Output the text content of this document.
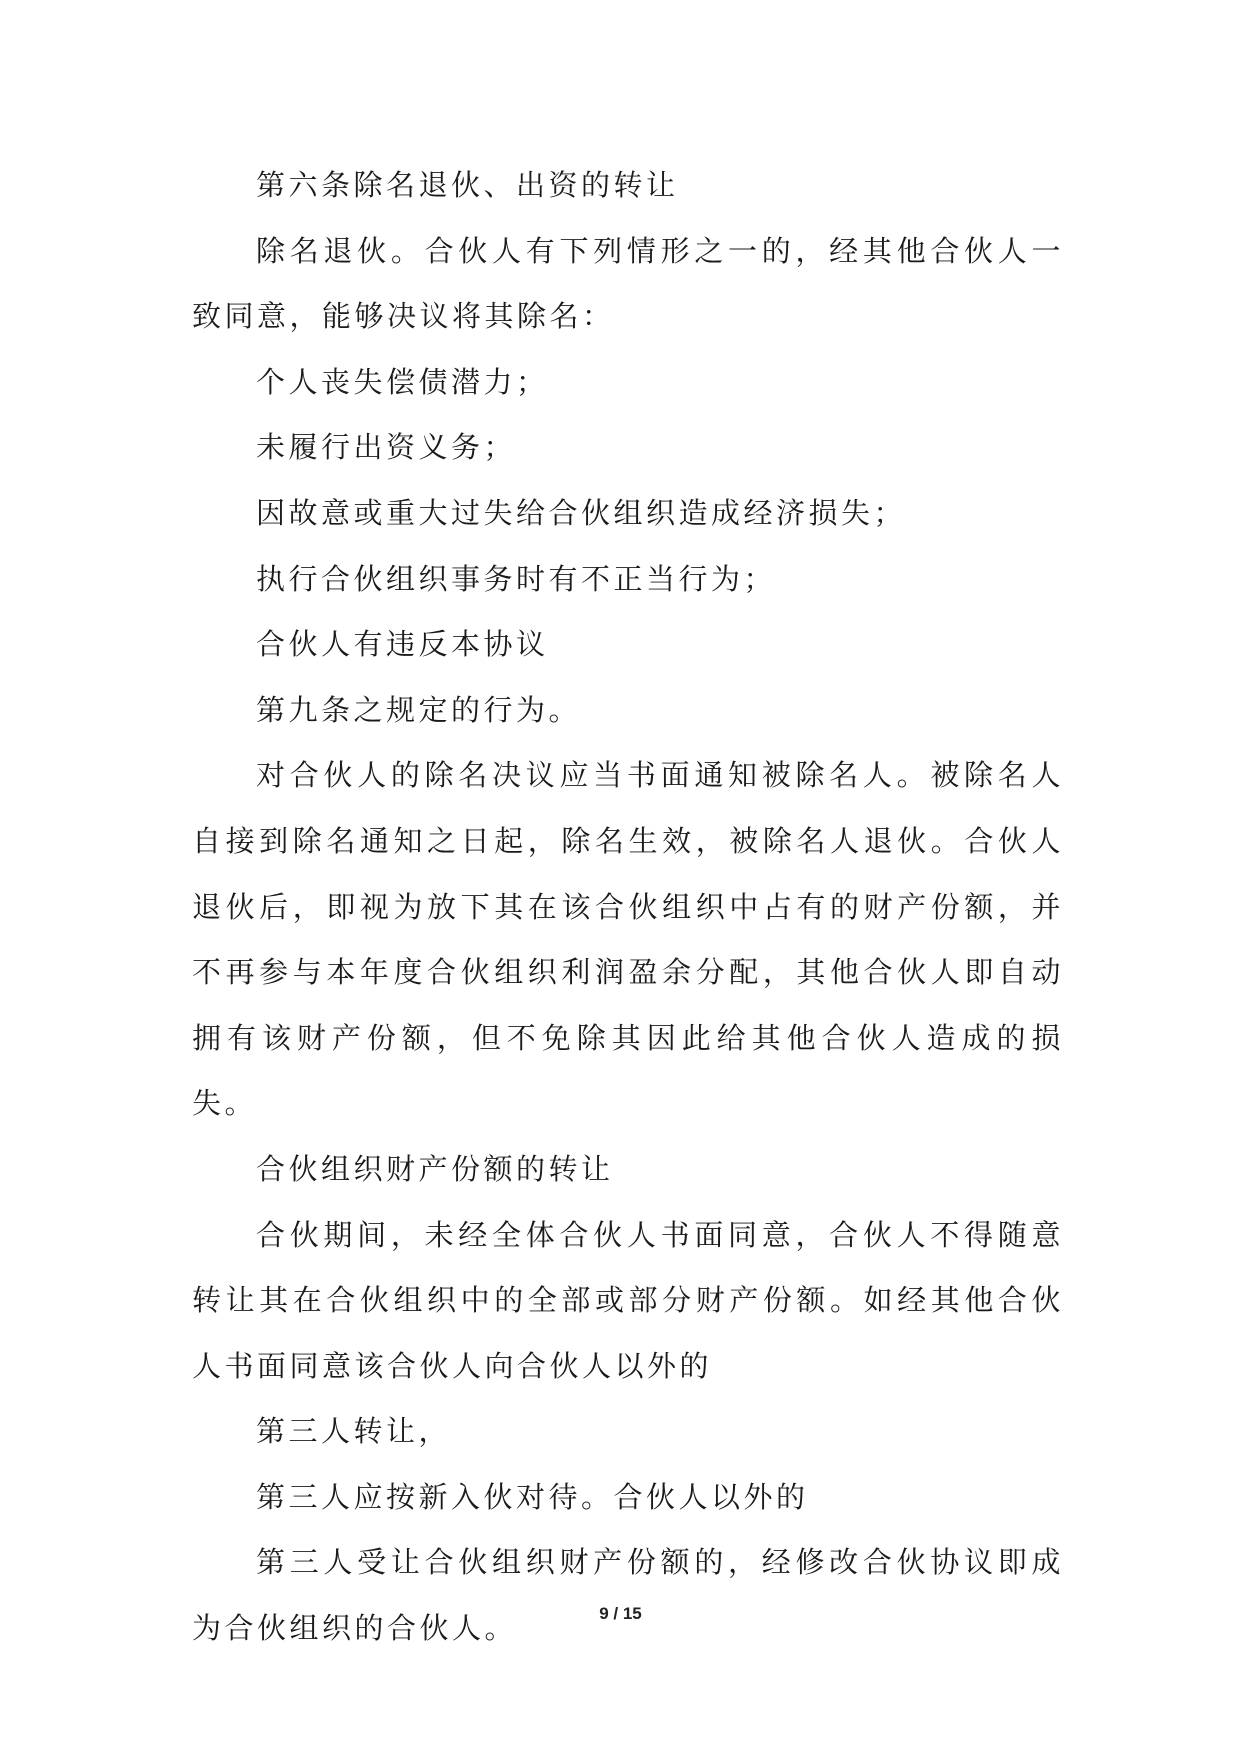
第六条除名退伙、出资的转让

除名退伙。合伙人有下列情形之一的，经其他合伙人一致同意，能够决议将其除名：

个人丧失偿债潜力；

未履行出资义务；

因故意或重大过失给合伙组织造成经济损失；

执行合伙组织事务时有不正当行为；

合伙人有违反本协议

第九条之规定的行为。

对合伙人的除名决议应当书面通知被除名人。被除名人自接到除名通知之日起，除名生效，被除名人退伙。合伙人退伙后，即视为放下其在该合伙组织中占有的财产份额，并不再参与本年度合伙组织利润盈余分配，其他合伙人即自动拥有该财产份额，但不免除其因此给其他合伙人造成的损失。

合伙组织财产份额的转让

合伙期间，未经全体合伙人书面同意，合伙人不得随意转让其在合伙组织中的全部或部分财产份额。如经其他合伙人书面同意该合伙人向合伙人以外的

第三人转让，

第三人应按新入伙对待。合伙人以外的

第三人受让合伙组织财产份额的，经修改合伙协议即成为合伙组织的合伙人。	9 / 15
